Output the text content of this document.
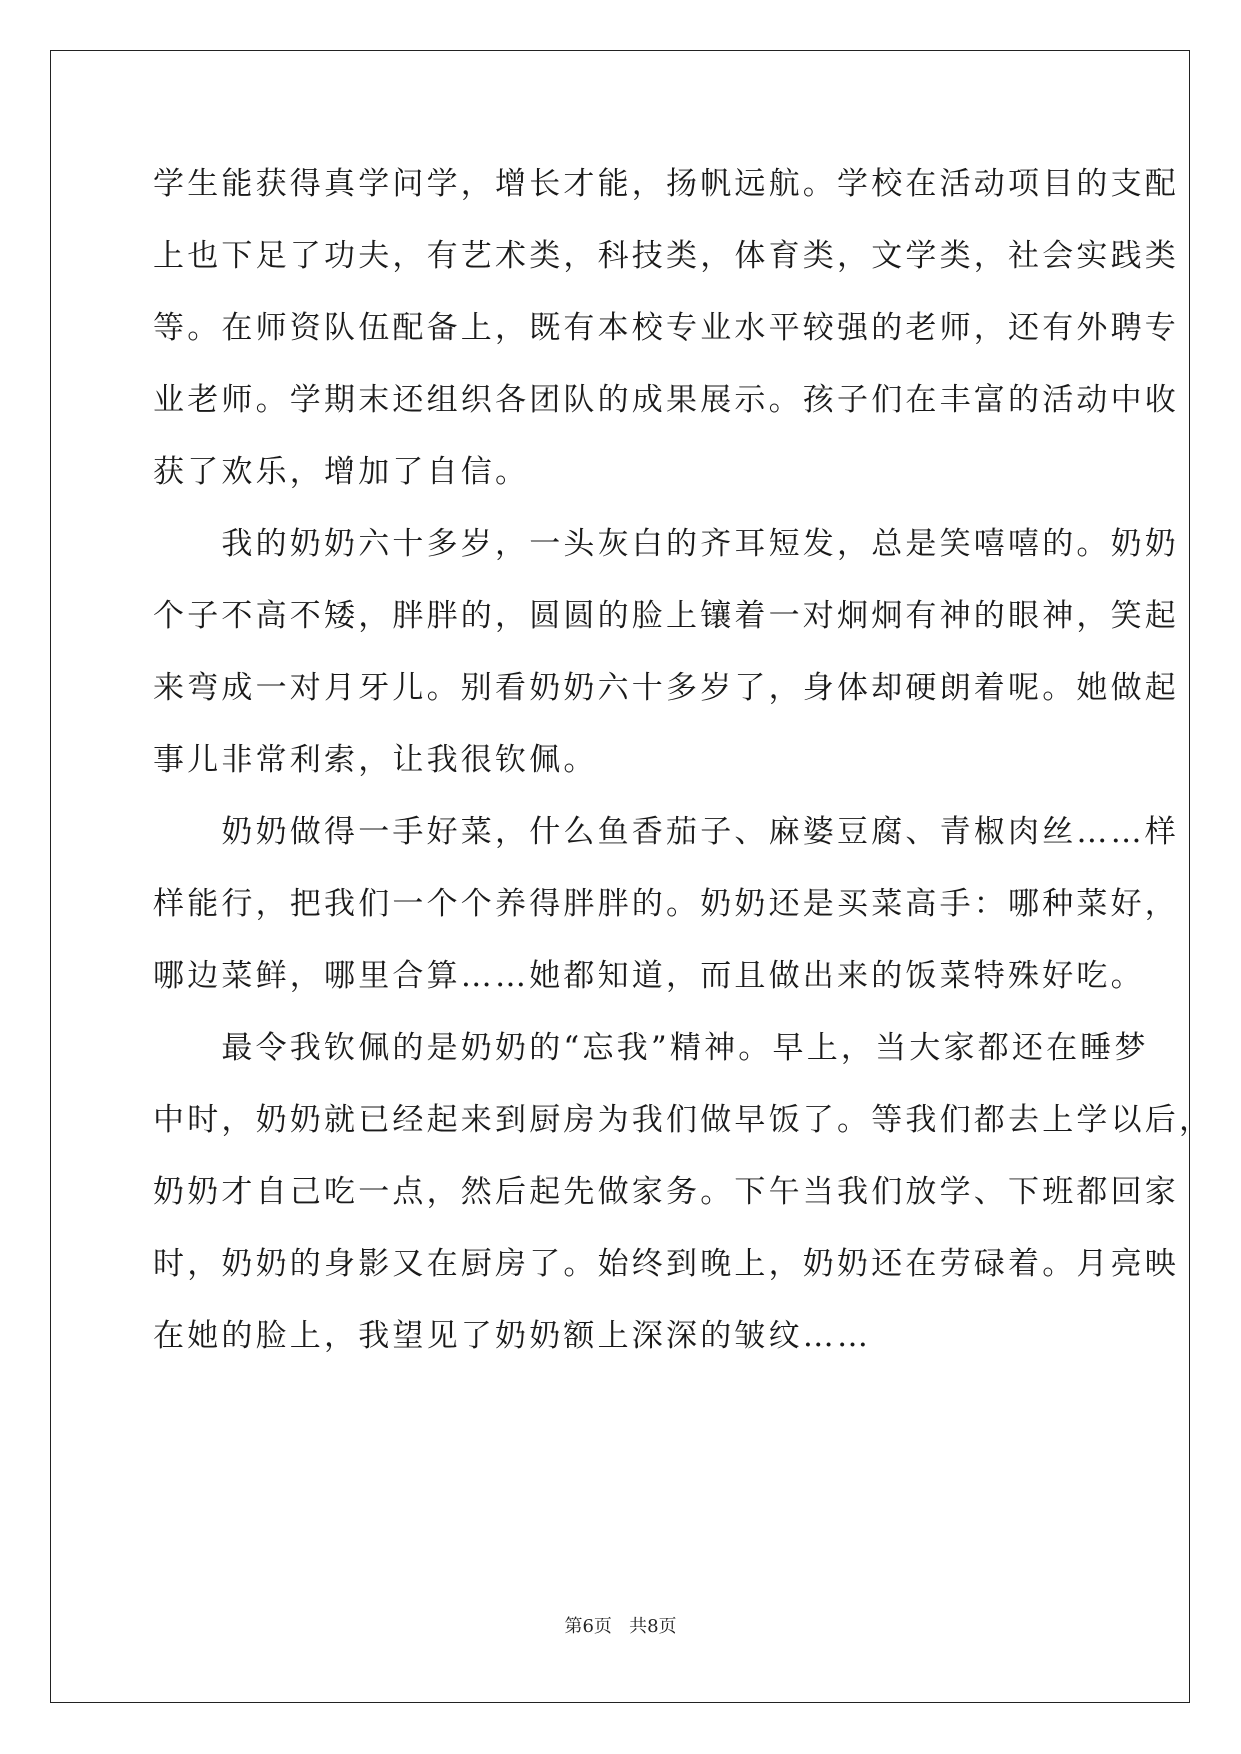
学生能获得真学问学，增长才能，扬帆远航。学校在活动项目的支配
上也下足了功夫，有艺术类，科技类，体育类，文学类，社会实践类
等。在师资队伍配备上，既有本校专业水平较强的老师，还有外聘专
业老师。学期末还组织各团队的成果展示。孩子们在丰富的活动中收
获了欢乐，增加了自信。
　　我的奶奶六十多岁，一头灰白的齐耳短发，总是笑嘻嘻的。奶奶
个子不高不矮，胖胖的，圆圆的脸上镶着一对炯炯有神的眼神，笑起
来弯成一对月牙儿。别看奶奶六十多岁了，身体却硬朗着呢。她做起
事儿非常利索，让我很钦佩。
　　奶奶做得一手好菜，什么鱼香茄子、麻婆豆腐、青椒肉丝……样
样能行，把我们一个个养得胖胖的。奶奶还是买菜高手：哪种菜好，
哪边菜鲜，哪里合算……她都知道，而且做出来的饭菜特殊好吃。
　　最令我钦佩的是奶奶的“忘我”精神。早上，当大家都还在睡梦
中时，奶奶就已经起来到厨房为我们做早饭了。等我们都去上学以后，
奶奶才自己吃一点，然后起先做家务。下午当我们放学、下班都回家
时，奶奶的身影又在厨房了。始终到晚上，奶奶还在劳碌着。月亮映
在她的脸上，我望见了奶奶额上深深的皱纹……
第6页   共8页
